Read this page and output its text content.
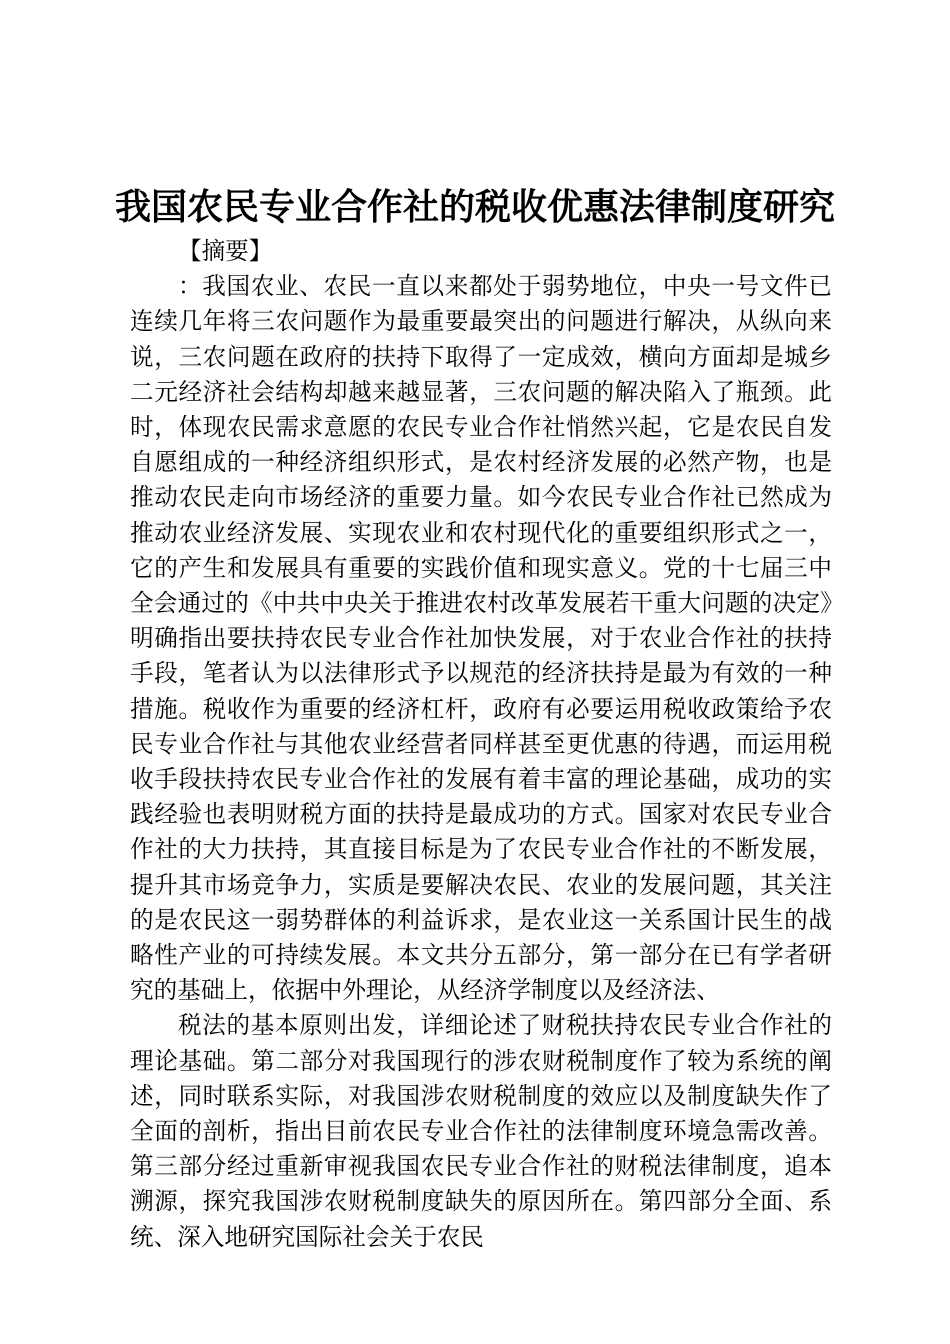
我国农民专业合作社的税收优惠法律制度研究

【摘要】

：我国农业、农民一直以来都处于弱势地位，中央一号文件已连续几年将三农问题作为最重要最突出的问题进行解决，从纵向来说，三农问题在政府的扶持下取得了一定成效，横向方面却是城乡二元经济社会结构却越来越显著，三农问题的解决陷入了瓶颈。此时，体现农民需求意愿的农民专业合作社悄然兴起，它是农民自发自愿组成的一种经济组织形式，是农村经济发展的必然产物，也是推动农民走向市场经济的重要力量。如今农民专业合作社已然成为推动农业经济发展、实现农业和农村现代化的重要组织形式之一，它的产生和发展具有重要的实践价值和现实意义。党的十七届三中全会通过的《中共中央关于推进农村改革发展若干重大问题的决定》明确指出要扶持农民专业合作社加快发展，对于农业合作社的扶持手段，笔者认为以法律形式予以规范的经济扶持是最为有效的一种措施。税收作为重要的经济杠杆，政府有必要运用税收政策给予农民专业合作社与其他农业经营者同样甚至更优惠的待遇，而运用税收手段扶持农民专业合作社的发展有着丰富的理论基础，成功的实践经验也表明财税方面的扶持是最成功的方式。国家对农民专业合作社的大力扶持，其直接目标是为了农民专业合作社的不断发展，提升其市场竞争力，实质是要解决农民、农业的发展问题，其关注的是农民这一弱势群体的利益诉求，是农业这一关系国计民生的战略性产业的可持续发展。本文共分五部分，第一部分在已有学者研究的基础上，依据中外理论，从经济学制度以及经济法、

税法的基本原则出发，详细论述了财税扶持农民专业合作社的理论基础。第二部分对我国现行的涉农财税制度作了较为系统的阐述，同时联系实际，对我国涉农财税制度的效应以及制度缺失作了全面的剖析，指出目前农民专业合作社的法律制度环境急需改善。第三部分经过重新审视我国农民专业合作社的财税法律制度，追本溯源，探究我国涉农财税制度缺失的原因所在。第四部分全面、系统、深入地研究国际社会关于农民
